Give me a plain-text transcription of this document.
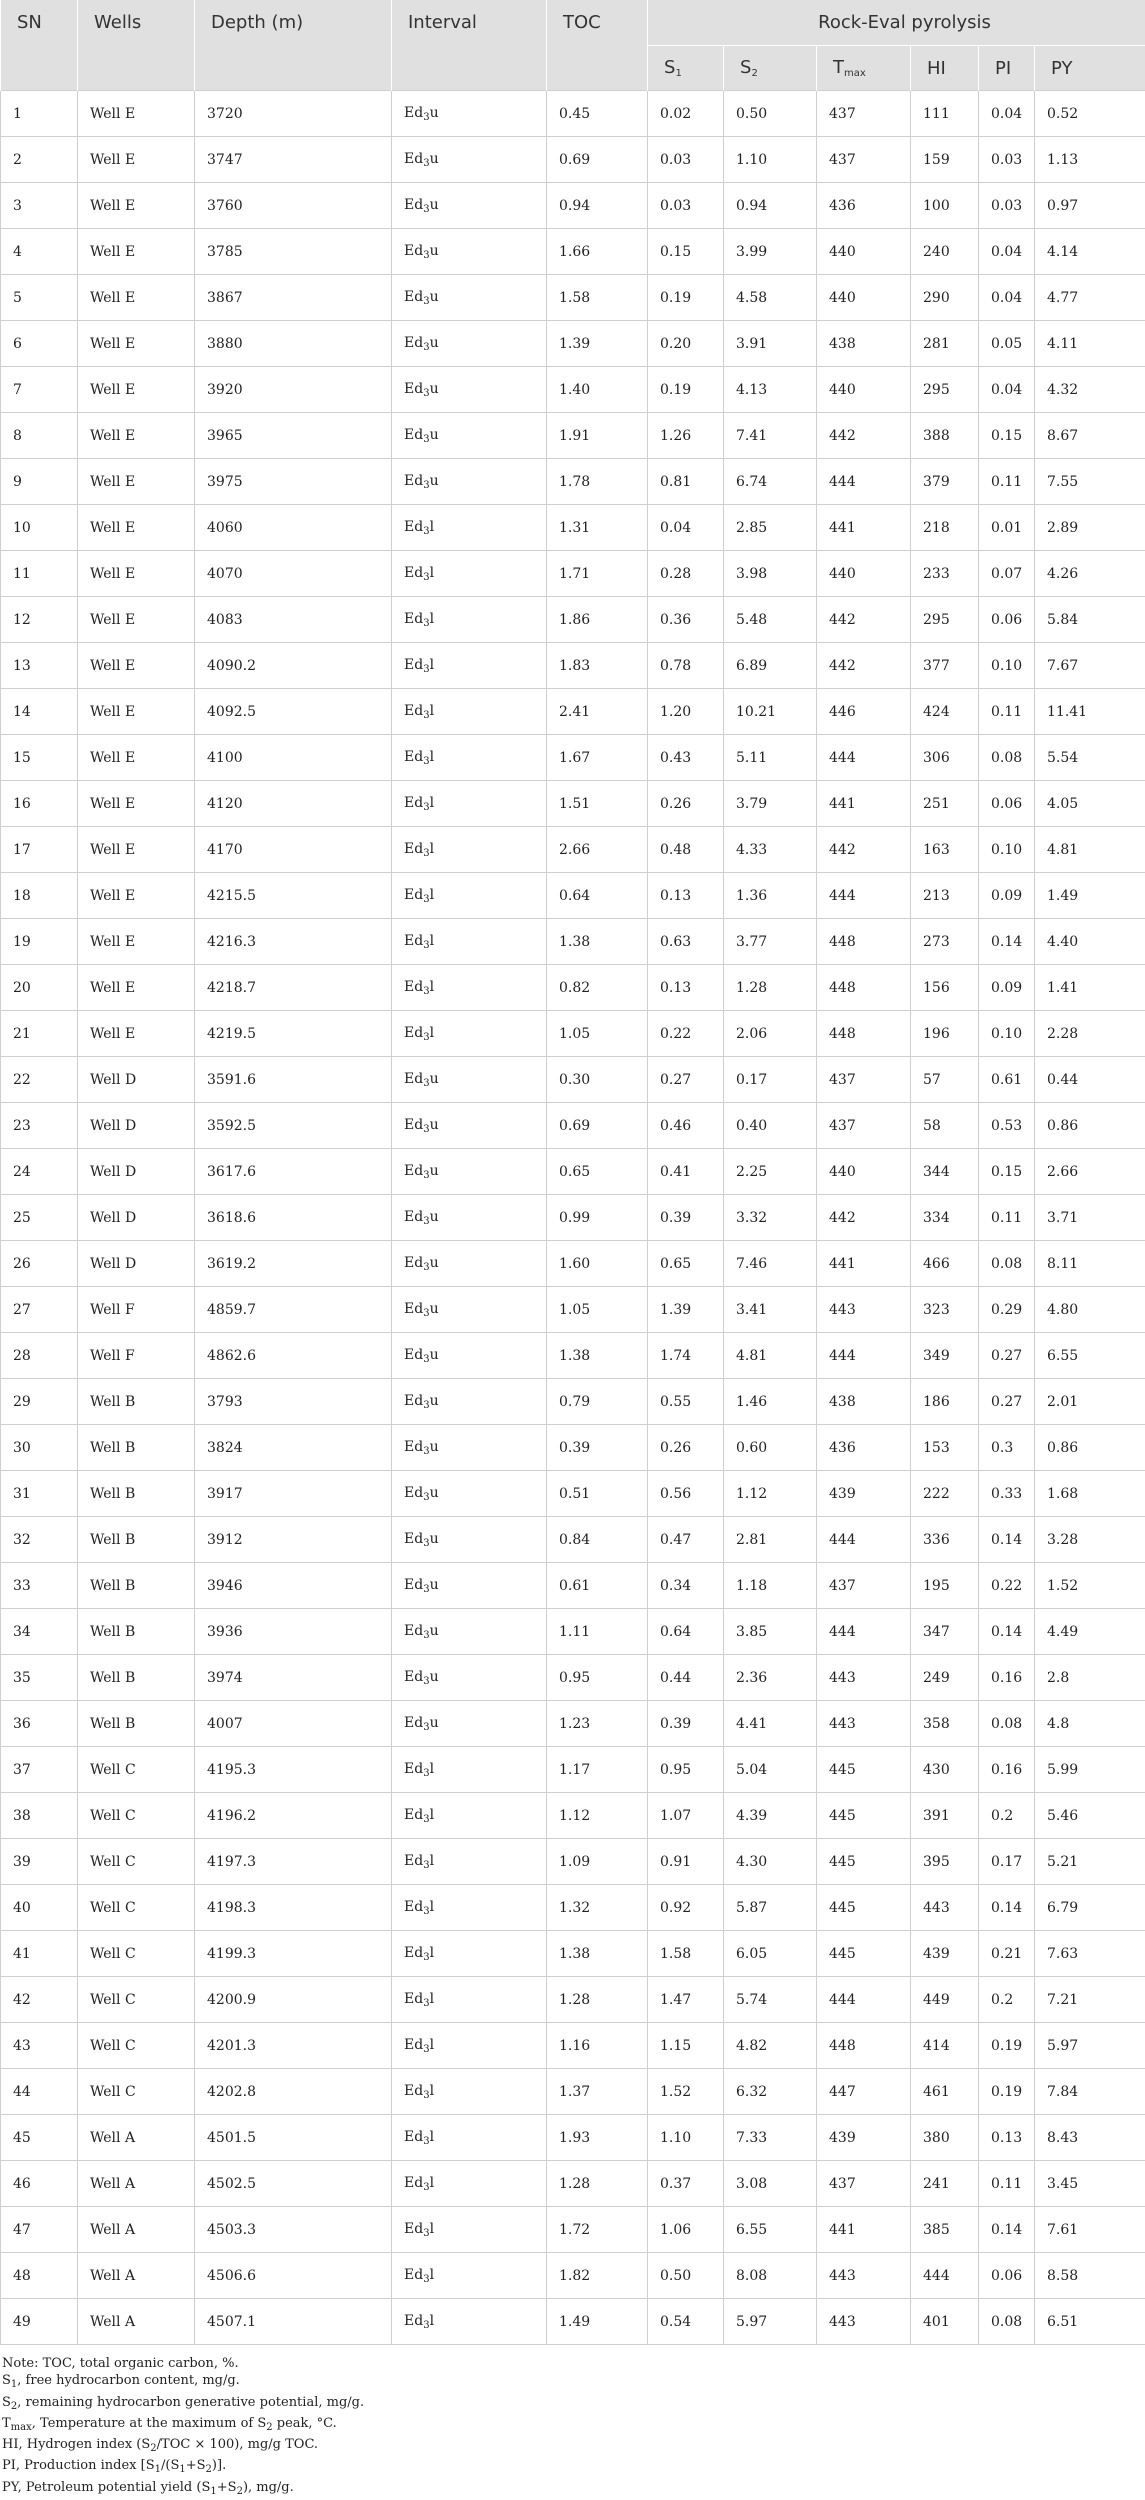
SN	Wells	Depth (m)	Interval	TOC	Rock-Eval pyrolysis					
					$S_1$	$S_2$	$T_{max}$	HI	PI	PY
1	Well E	3720	$Ed_3u$	0.45	0.02	0.50	437	111	0.04	0.52
2	Well E	3747	$Ed_3u$	0.69	0.03	1.10	437	159	0.03	1.13
3	Well E	3760	$Ed_3u$	0.94	0.03	0.94	436	100	0.03	0.97
4	Well E	3785	$Ed_3u$	1.66	0.15	3.99	440	240	0.04	4.14
5	Well E	3867	$Ed_3u$	1.58	0.19	4.58	440	290	0.04	4.77
6	Well E	3880	$Ed_3u$	1.39	0.20	3.91	438	281	0.05	4.11
7	Well E	3920	$Ed_3u$	1.40	0.19	4.13	440	295	0.04	4.32
8	Well E	3965	$Ed_3u$	1.91	1.26	7.41	442	388	0.15	8.67
9	Well E	3975	$Ed_3u$	1.78	0.81	6.74	444	379	0.11	7.55
10	Well E	4060	$Ed_3l$	1.31	0.04	2.85	441	218	0.01	2.89
11	Well E	4070	$Ed_3l$	1.71	0.28	3.98	440	233	0.07	4.26
12	Well E	4083	$Ed_3l$	1.86	0.36	5.48	442	295	0.06	5.84
13	Well E	4090.2	$Ed_3l$	1.83	0.78	6.89	442	377	0.10	7.67
14	Well E	4092.5	$Ed_3l$	2.41	1.20	10.21	446	424	0.11	11.41
15	Well E	4100	$Ed_3l$	1.67	0.43	5.11	444	306	0.08	5.54
16	Well E	4120	$Ed_3l$	1.51	0.26	3.79	441	251	0.06	4.05
17	Well E	4170	$Ed_3l$	2.66	0.48	4.33	442	163	0.10	4.81
18	Well E	4215.5	$Ed_3l$	0.64	0.13	1.36	444	213	0.09	1.49
19	Well E	4216.3	$Ed_3l$	1.38	0.63	3.77	448	273	0.14	4.40
20	Well E	4218.7	$Ed_3l$	0.82	0.13	1.28	448	156	0.09	1.41
21	Well E	4219.5	$Ed_3l$	1.05	0.22	2.06	448	196	0.10	2.28
22	Well D	3591.6	$Ed_3u$	0.30	0.27	0.17	437	57	0.61	0.44
23	Well D	3592.5	$Ed_3u$	0.69	0.46	0.40	437	58	0.53	0.86
24	Well D	3617.6	$Ed_3u$	0.65	0.41	2.25	440	344	0.15	2.66
25	Well D	3618.6	$Ed_3u$	0.99	0.39	3.32	442	334	0.11	3.71
26	Well D	3619.2	$Ed_3u$	1.60	0.65	7.46	441	466	0.08	8.11
27	Well F	4859.7	$Ed_3u$	1.05	1.39	3.41	443	323	0.29	4.80
28	Well F	4862.6	$Ed_3u$	1.38	1.74	4.81	444	349	0.27	6.55
29	Well B	3793	$Ed_3u$	0.79	0.55	1.46	438	186	0.27	2.01
30	Well B	3824	$Ed_3u$	0.39	0.26	0.60	436	153	0.3	0.86
31	Well B	3917	$Ed_3u$	0.51	0.56	1.12	439	222	0.33	1.68
32	Well B	3912	$Ed_3u$	0.84	0.47	2.81	444	336	0.14	3.28
33	Well B	3946	$Ed_3u$	0.61	0.34	1.18	437	195	0.22	1.52
34	Well B	3936	$Ed_3u$	1.11	0.64	3.85	444	347	0.14	4.49
35	Well B	3974	$Ed_3u$	0.95	0.44	2.36	443	249	0.16	2.8
36	Well B	4007	$Ed_3u$	1.23	0.39	4.41	443	358	0.08	4.8
37	Well C	4195.3	$Ed_3l$	1.17	0.95	5.04	445	430	0.16	5.99
38	Well C	4196.2	$Ed_3l$	1.12	1.07	4.39	445	391	0.2	5.46
39	Well C	4197.3	$Ed_3l$	1.09	0.91	4.30	445	395	0.17	5.21
40	Well C	4198.3	$Ed_3l$	1.32	0.92	5.87	445	443	0.14	6.79
41	Well C	4199.3	$Ed_3l$	1.38	1.58	6.05	445	439	0.21	7.63
42	Well C	4200.9	$Ed_3l$	1.28	1.47	5.74	444	449	0.2	7.21
43	Well C	4201.3	$Ed_3l$	1.16	1.15	4.82	448	414	0.19	5.97
44	Well C	4202.8	$Ed_3l$	1.37	1.52	6.32	447	461	0.19	7.84
45	Well A	4501.5	$Ed_3l$	1.93	1.10	7.33	439	380	0.13	8.43
46	Well A	4502.5	$Ed_3l$	1.28	0.37	3.08	437	241	0.11	3.45
47	Well A	4503.3	$Ed_3l$	1.72	1.06	6.55	441	385	0.14	7.61
48	Well A	4506.6	$Ed_3l$	1.82	0.50	8.08	443	444	0.06	8.58
49	Well A	4507.1	$Ed_3l$	1.49	0.54	5.97	443	401	0.08	6.51
Note: TOC, total organic carbon, %.
$S_1$, free hydrocarbon content, mg/g.
$S_2$, remaining hydrocarbon generative potential, mg/g.
$T_{max}$, Temperature at the maximum of $S_2$ peak, °C.
HI, Hydrogen index ($S_2$/TOC × 100), mg/g TOC.
PI, Production index $[S_1/(S_1+S_2)]$.
PY, Petroleum potential yield $(S_1+S_2)$, mg/g.
